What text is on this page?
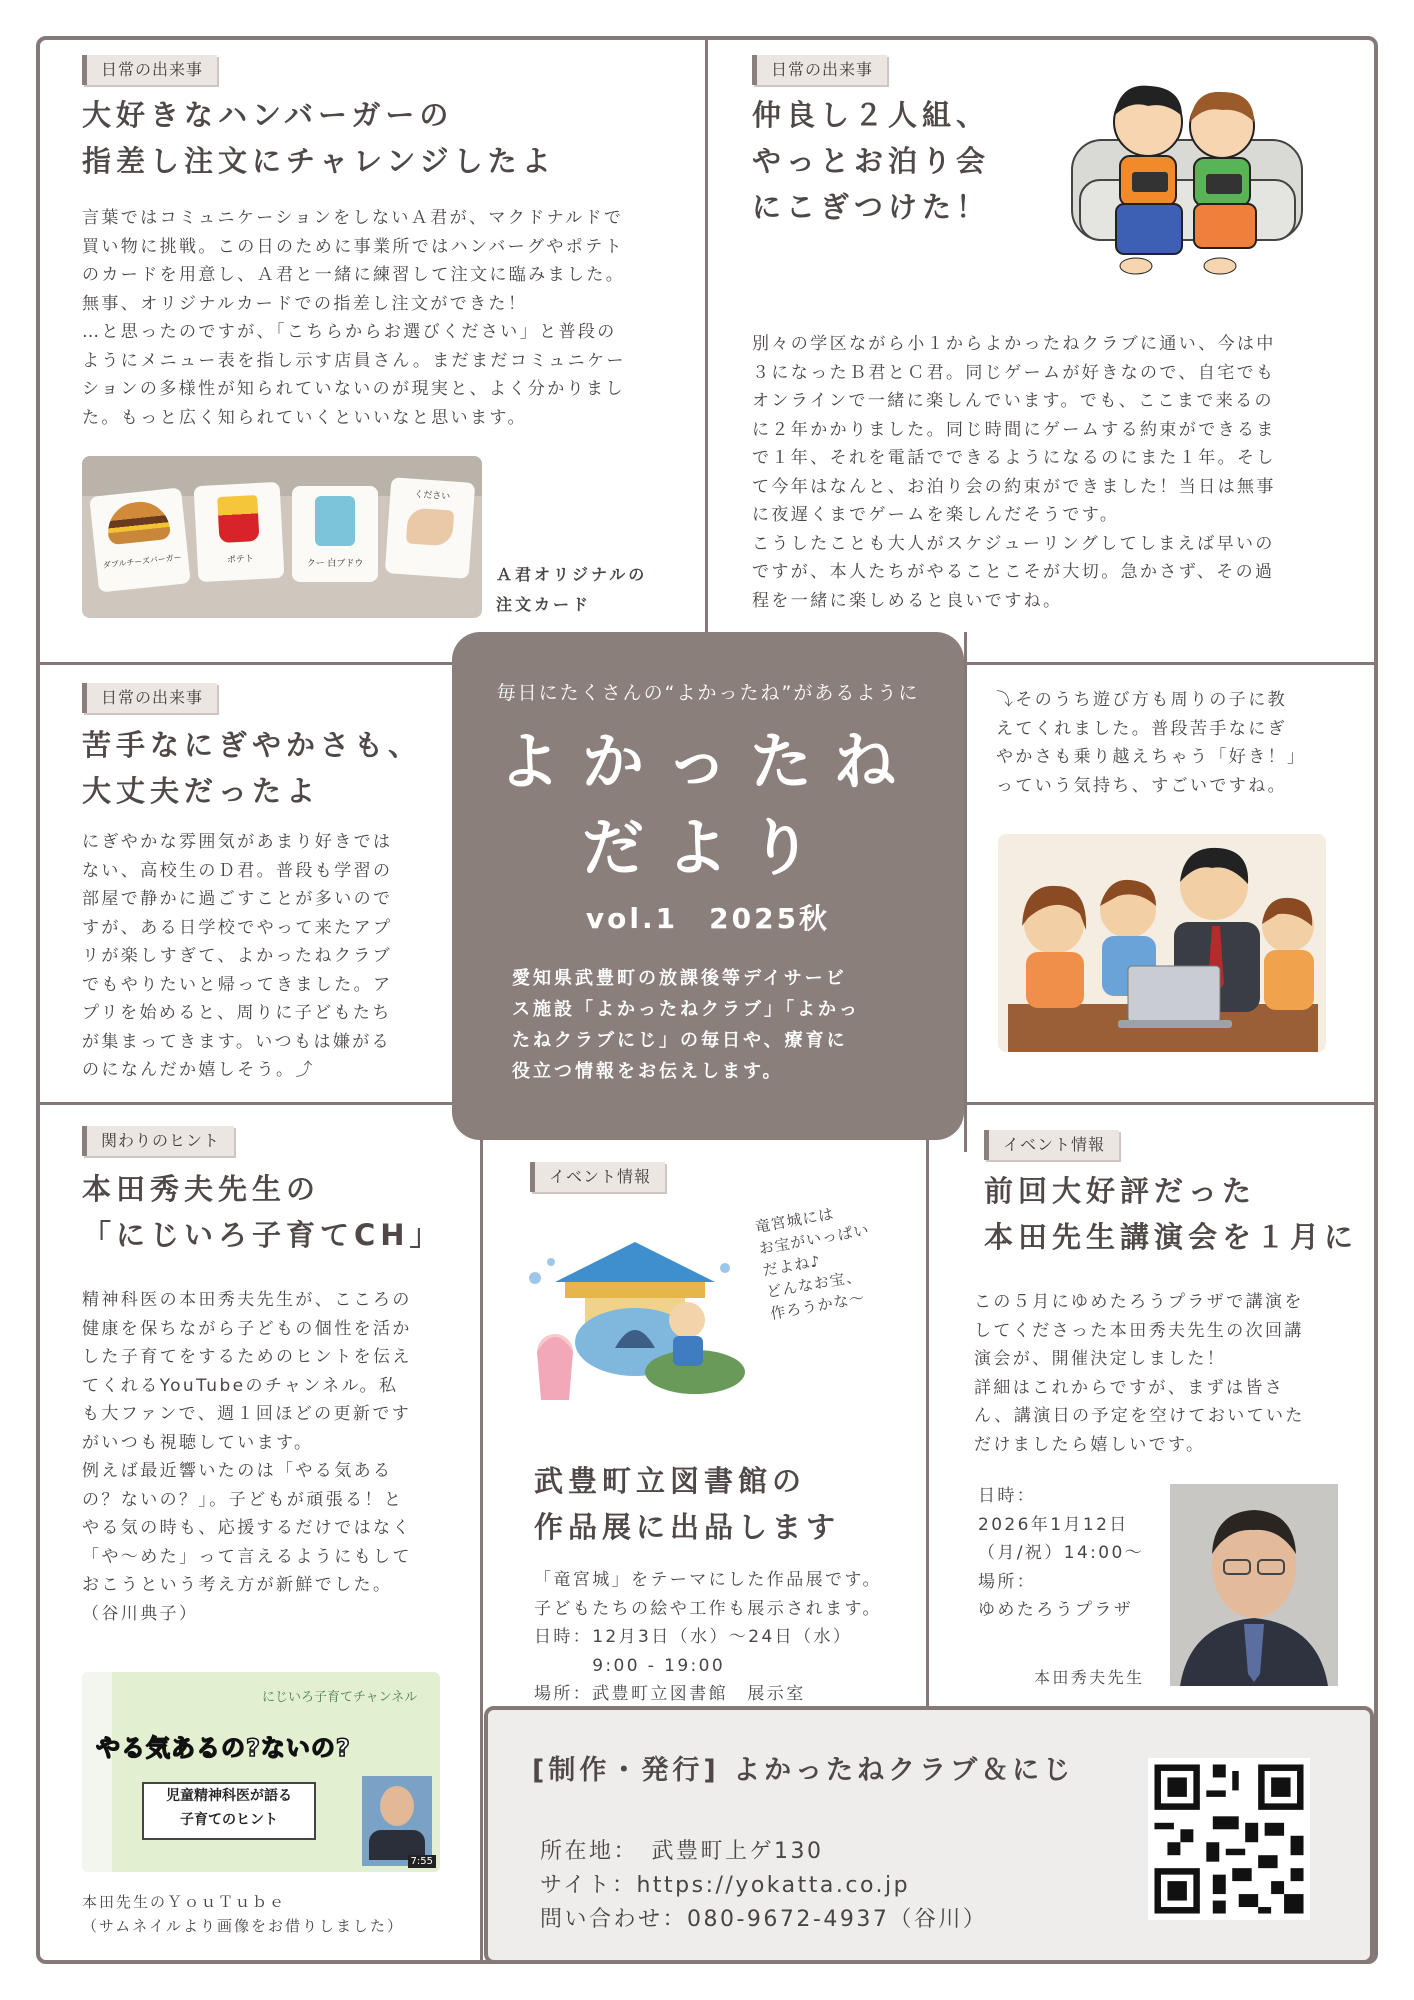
日常の出来事
大好きなハンバーガーの
指差し注文にチャレンジしたよ
言葉ではコミュニケーションをしないＡ君が、マクドナルドで
買い物に挑戦。この日のために事業所ではハンバーグやポテト
のカードを用意し、Ａ君と一緒に練習して注文に臨みました。
無事、オリジナルカードでの指差し注文ができた！
…と思ったのですが、「こちらからお選びください」と普段の
ようにメニュー表を指し示す店員さん。まだまだコミュニケー
ションの多様性が知られていないのが現実と、よく分かりまし
た。もっと広く知られていくといいなと思います。
ダブルチーズバーガー	ポテト	クー 白ブドウ
ください
Ａ君オリジナルの
注文カード
日常の出来事
仲良し２人組、
やっとお泊り会
にこぎつけた！
別々の学区ながら小１からよかったねクラブに通い、今は中
３になったＢ君とＣ君。同じゲームが好きなので、自宅でも
オンラインで一緒に楽しんでいます。でも、ここまで来るの
に２年かかりました。同じ時間にゲームする約束ができるま
で１年、それを電話でできるようになるのにまた１年。そし
て今年はなんと、お泊り会の約束ができました！当日は無事
に夜遅くまでゲームを楽しんだそうです。
こうしたことも大人がスケジューリングしてしまえば早いの
ですが、本人たちがやることこそが大切。急かさず、その過
程を一緒に楽しめると良いですね。
日常の出来事
苦手なにぎやかさも、
大丈夫だったよ
にぎやかな雰囲気があまり好きでは
ない、高校生のＤ君。普段も学習の
部屋で静かに過ごすことが多いので
すが、ある日学校でやって来たアプ
リが楽しすぎて、よかったねクラブ
でもやりたいと帰ってきました。ア
プリを始めると、周りに子どもたち
が集まってきます。いつもは嫌がる
のになんだか嬉しそう。⤴
⤵そのうち遊び方も周りの子に教
えてくれました。普段苦手なにぎ
やかさも乗り越えちゃう「好き！」
っていう気持ち、すごいですね。
毎日にたくさんの“よかったね”があるように
よかったね
だより
vol.1　2025秋
愛知県武豊町の放課後等デイサービ
ス施設「よかったねクラブ」「よかっ
たねクラブにじ」の毎日や、療育に
役立つ情報をお伝えします。
関わりのヒント
本田秀夫先生の
「にじいろ子育てCH」
精神科医の本田秀夫先生が、こころの
健康を保ちながら子どもの個性を活か
した子育てをするためのヒントを伝え
てくれるYouTubeのチャンネル。私
も大ファンで、週１回ほどの更新です
がいつも視聴しています。
例えば最近響いたのは「やる気ある
の？ないの？」。子どもが頑張る！と
やる気の時も、応援するだけではなく
「や～めた」って言えるようにもして
おこうという考え方が新鮮でした。
（谷川典子）
にじいろ子育てチャンネル
やる気あるの?ないの?
児童精神科医が語る
子育てのヒント
7:55
本田先生のＹｏｕＴｕｂｅ
（サムネイルより画像をお借りしました）
イベント情報
竜宮城には
お宝がいっぱい
だよね♪
どんなお宝、
作ろうかな～
武豊町立図書館の
作品展に出品します
「竜宮城」をテーマにした作品展です。
子どもたちの絵や工作も展示されます。
日時：12月3日（水）～24日（水）
　　　9:00 - 19:00
場所：武豊町立図書館　展示室
イベント情報
前回大好評だった
本田先生講演会を１月に
この５月にゆめたろうプラザで講演を
してくださった本田秀夫先生の次回講
演会が、開催決定しました！
詳細はこれからですが、まずは皆さ
ん、講演日の予定を空けておいていた
だけましたら嬉しいです。
日時：
2026年1月12日
（月/祝）14:00～
場所：
ゆめたろうプラザ
本田秀夫先生
[制作・発行] よかったねクラブ＆にじ
所在地：　武豊町上ゲ130
サイト：https://yokatta.co.jp
問い合わせ：080-9672-4937（谷川）
